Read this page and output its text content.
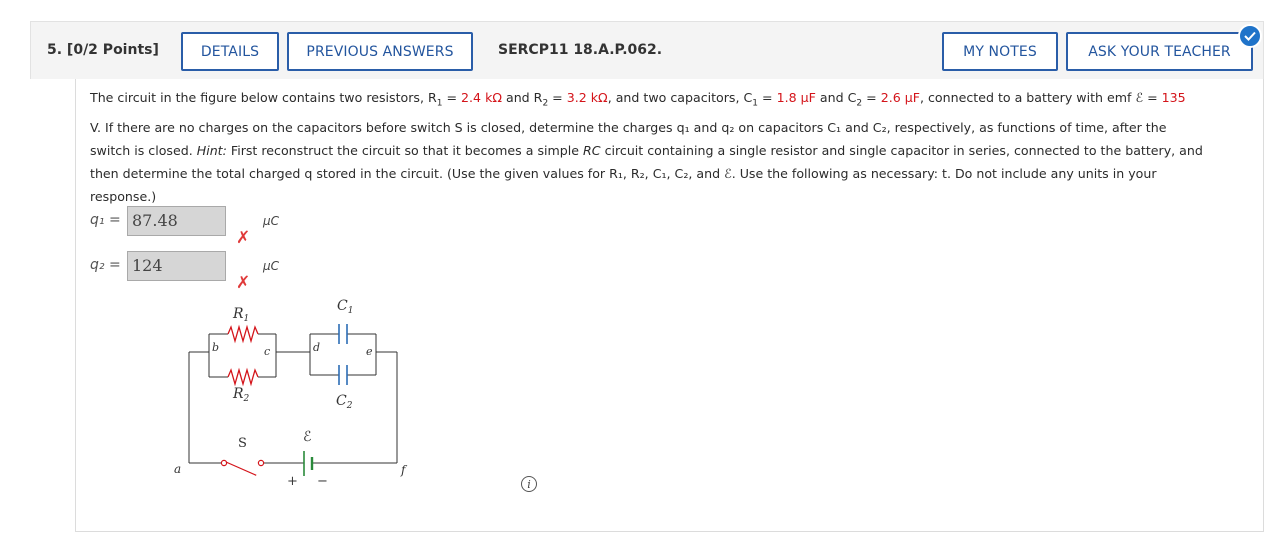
5. [0/2 Points]	DETAILS	PREVIOUS ANSWERS	SERCP11 18.A.P.062.	MY NOTES	ASK YOUR TEACHER
The circuit in the figure below contains two resistors, $R_1 = 2.4$ kΩ and $R_2 = 3.2$ kΩ, and two capacitors, $C_1 = 1.8$ μF and $C_2 = 2.6$ μF, connected to a battery with emf ℰ = 135
V. If there are no charges on the capacitors before switch S is closed, determine the charges q₁ and q₂ on capacitors C₁ and C₂, respectively, as functions of time, after the
switch is closed. Hint: First reconstruct the circuit so that it becomes a simple RC circuit containing a single resistor and single capacitor in series, connected to the battery, and
then determine the total charged q stored in the circuit. (Use the given values for R₁, R₂, C₁, C₂, and ℰ. Use the following as necessary: t. Do not include any units in your
response.)
q₁ = 87.48
✗
μC
q₂ = 124
✗
μC
$R_1$
$R_2$
$C_1$
$C_2$
b	c	d	e
a	f
S	ℰ
+ −	i
